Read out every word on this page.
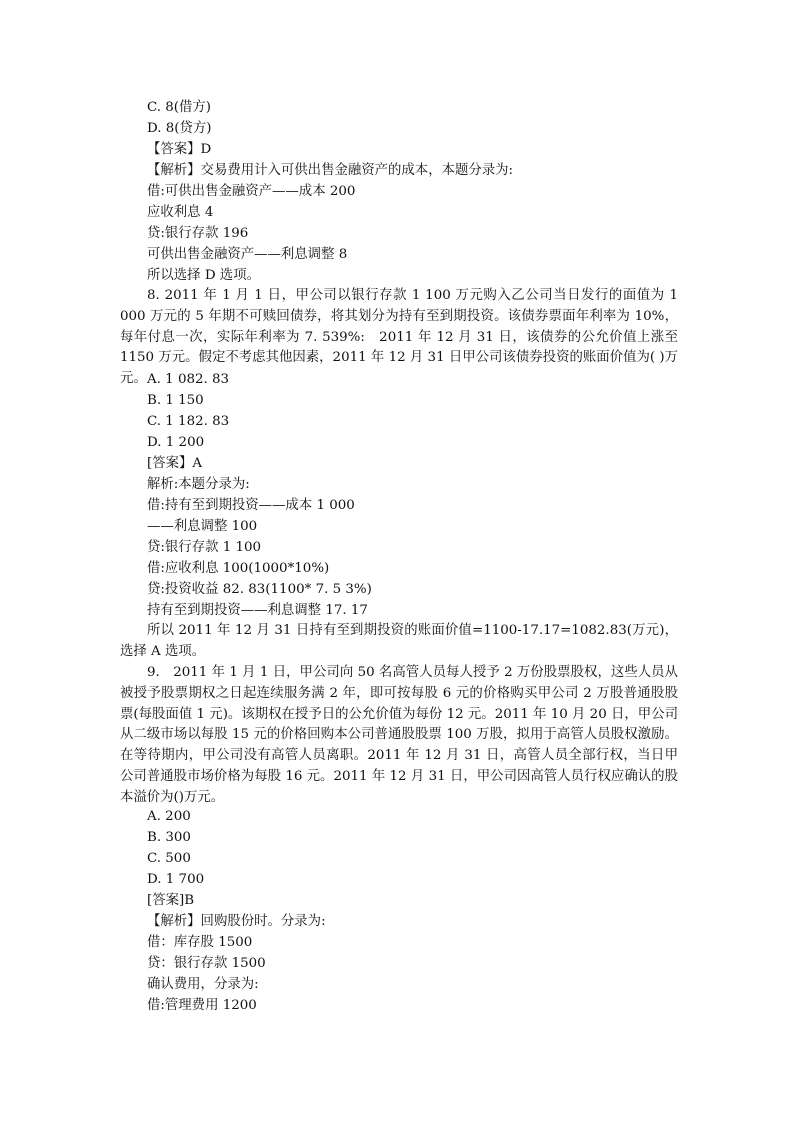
C. 8(借方)
D. 8(贷方)
【答案】D
【解析】交易费用计入可供出售金融资产的成本，本题分录为:
借:可供出售金融资产——成本 200
应收利息 4
贷:银行存款 196
可供出售金融资产——利息调整 8
所以选择 D 选项。

8. 2011 年 1 月 1 日，甲公司以银行存款 1 100 万元购入乙公司当日发行的面值为 1 000 万元的 5 年期不可赎回债券，将其划分为持有至到期投资。该债券票面年利率为 10%，每年付息一次，实际年利率为 7. 539%:　2011 年 12 月 31 日，该债券的公允价值上涨至 1150 万元。假定不考虑其他因素，2011 年 12 月 31 日甲公司该债券投资的账面价值为( )万元。 A. 1 082. 83
B. 1 150
C. 1 182. 83
D. 1 200
[答案】A
解析:本题分录为:
借:持有至到期投资——成本 1 000
——利息调整 100
贷:银行存款 1 100
借:应收利息 100(1000*10%)
贷:投资收益 82. 83(1100* 7. 5 3%)
持有至到期投资——利息调整 17. 17

所以 2011 年 12 月 31 日持有至到期投资的账面价值=1100-17.17=1082.83(万元)，选择 A 选项。

9.　2011 年 1 月 1 日，甲公司向 50 名高管人员每人授予 2 万份股票股权，这些人员从被授予股票期权之日起连续服务满 2 年，即可按每股 6 元的价格购买甲公司 2 万股普通股股票(每股面值 1 元)。该期权在授予日的公允价值为每份 12 元。2011 年 10 月 20 日，甲公司从二级市场以每股 15 元的价格回购本公司普通股股票 100 万股，拟用于高管人员股权激励。在等待期内，甲公司没有高管人员离职。2011 年 12 月 31 日，高管人员全部行权，当日甲公司普通股市场价格为每股 16 元。2011 年 12 月 31 日，甲公司因高管人员行权应确认的股本溢价为()万元。

A. 200
B. 300
C. 500
D. 1 700
[答案]B
【解析】回购股份时。分录为:
借：库存股 1500
贷：银行存款 1500
确认费用，分录为:
借:管理费用 1200
